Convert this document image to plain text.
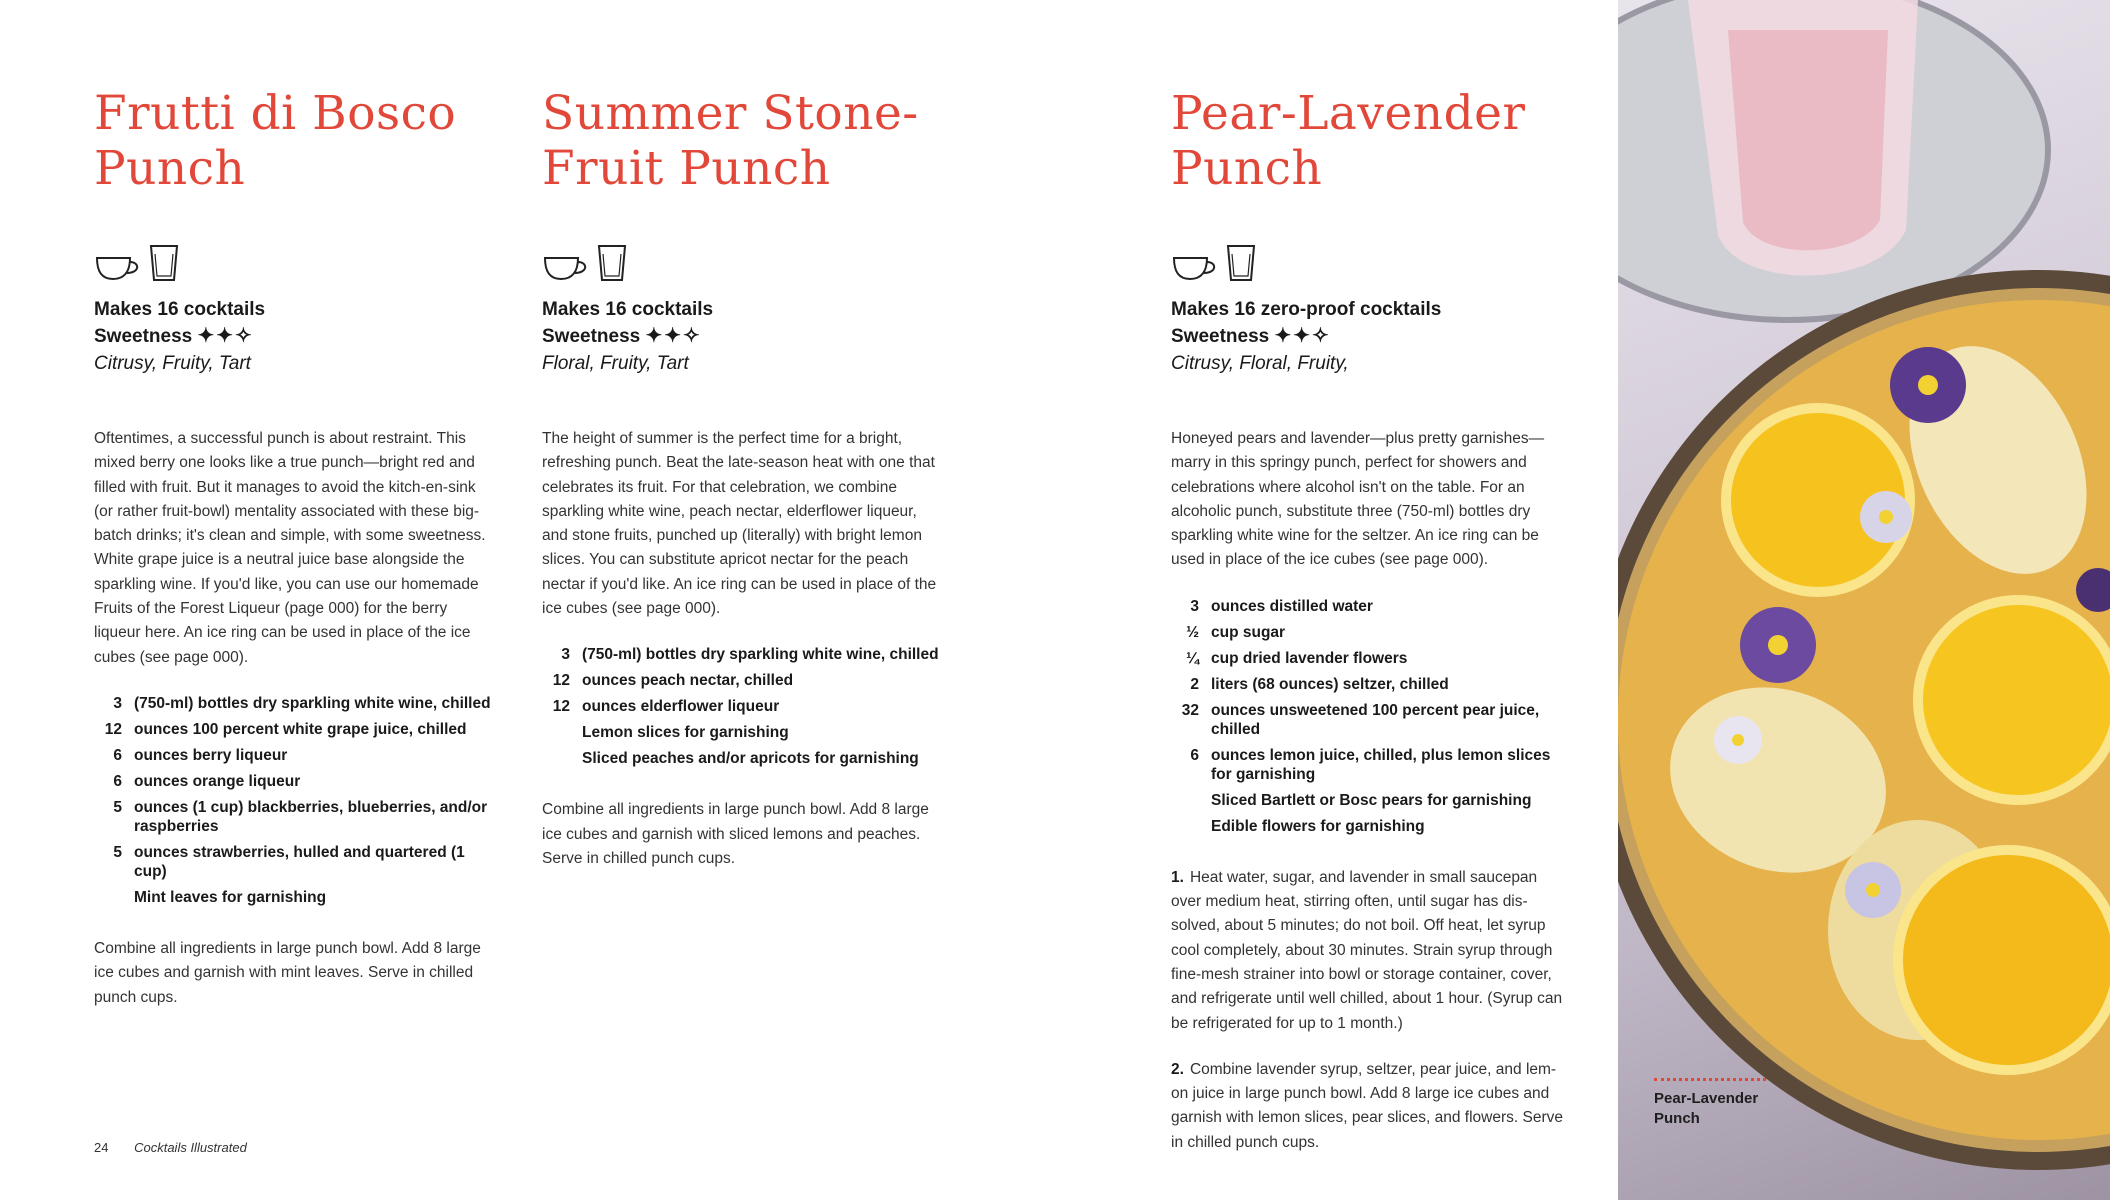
Frutti di Bosco
Punch
Makes 16 cocktails
Sweetness ✦✦✧
Citrusy, Fruity, Tart
Oftentimes, a successful punch is about restraint. This mixed berry one looks like a true punch—bright red and filled with fruit. But it manages to avoid the kitch-en-sink (or rather fruit-bowl) mentality associated with these big-batch drinks; it's clean and simple, with some sweetness. White grape juice is a neutral juice base alongside the sparkling wine. If you'd like, you can use our homemade Fruits of the Forest Liqueur (page 000) for the berry liqueur here. An ice ring can be used in place of the ice cubes (see page 000).
3 (750-ml) bottles dry sparkling white wine, chilled
12 ounces 100 percent white grape juice, chilled
6 ounces berry liqueur
6 ounces orange liqueur
5 ounces (1 cup) blackberries, blueberries, and/or raspberries
5 ounces strawberries, hulled and quartered (1 cup)
Mint leaves for garnishing
Combine all ingredients in large punch bowl. Add 8 large ice cubes and garnish with mint leaves. Serve in chilled punch cups.
Summer Stone-
Fruit Punch
Makes 16 cocktails
Sweetness ✦✦✧
Floral, Fruity, Tart
The height of summer is the perfect time for a bright, refreshing punch. Beat the late-season heat with one that celebrates its fruit. For that celebration, we combine sparkling white wine, peach nectar, elderflower liqueur, and stone fruits, punched up (literally) with bright lemon slices. You can substitute apricot nectar for the peach nectar if you'd like. An ice ring can be used in place of the ice cubes (see page 000).
3 (750-ml) bottles dry sparkling white wine, chilled
12 ounces peach nectar, chilled
12 ounces elderflower liqueur
Lemon slices for garnishing
Sliced peaches and/or apricots for garnishing
Combine all ingredients in large punch bowl. Add 8 large ice cubes and garnish with sliced lemons and peaches. Serve in chilled punch cups.
Pear-Lavender
Punch
Makes 16 zero-proof cocktails
Sweetness ✦✦✧
Citrusy, Floral, Fruity,
Honeyed pears and lavender—plus pretty garnishes—marry in this springy punch, perfect for showers and celebrations where alcohol isn't on the table. For an alcoholic punch, substitute three (750-ml) bottles dry sparkling white wine for the seltzer. An ice ring can be used in place of the ice cubes (see page 000).
3 ounces distilled water
½ cup sugar
¼ cup dried lavender flowers
2 liters (68 ounces) seltzer, chilled
32 ounces unsweetened 100 percent pear juice, chilled
6 ounces lemon juice, chilled, plus lemon slices for garnishing
Sliced Bartlett or Bosc pears for garnishing
Edible flowers for garnishing
1. Heat water, sugar, and lavender in small saucepan over medium heat, stirring often, until sugar has dis-solved, about 5 minutes; do not boil. Off heat, let syrup cool completely, about 30 minutes. Strain syrup through fine-mesh strainer into bowl or storage container, cover, and refrigerate until well chilled, about 1 hour. (Syrup can be refrigerated for up to 1 month.)
2. Combine lavender syrup, seltzer, pear juice, and lem-on juice in large punch bowl. Add 8 large ice cubes and garnish with lemon slices, pear slices, and flowers. Serve in chilled punch cups.
24 Cocktails Illustrated
Pear-Lavender
Punch
